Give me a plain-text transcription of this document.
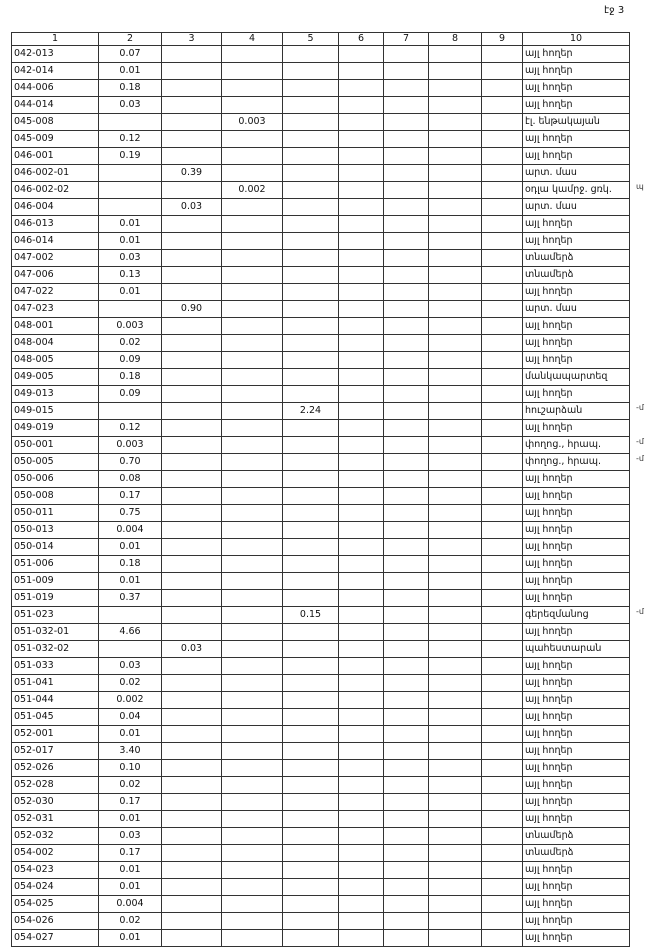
էջ 3
1	2	3	4	5	6	7	8	9	10
042-013	0.07								այլ հողեր
042-014	0.01								այլ հողեր
044-006	0.18								այլ հողեր
044-014	0.03								այլ հողեր
045-008			0.003						էլ. ենթակայան
045-009	0.12								այլ հողեր
046-001	0.19								այլ հողեր
046-002-01		0.39							արտ. մաս
046-002-02			0.002						օդլա կամրջ. ցռկ.
046-004		0.03							արտ. մաս
046-013	0.01								այլ հողեր
046-014	0.01								այլ հողեր
047-002	0.03								տնամերձ
047-006	0.13								տնամերձ
047-022	0.01								այլ հողեր
047-023		0.90							արտ. մաս
048-001	0.003								այլ հողեր
048-004	0.02								այլ հողեր
048-005	0.09								այլ հողեր
049-005	0.18								մանկապարտեզ
049-013	0.09								այլ հողեր
049-015				2.24					հուշարձան
049-019	0.12								այլ հողեր
050-001	0.003								փողոց., հրապ.
050-005	0.70								փողոց., հրապ.
050-006	0.08								այլ հողեր
050-008	0.17								այլ հողեր
050-011	0.75								այլ հողեր
050-013	0.004								այլ հողեր
050-014	0.01								այլ հողեր
051-006	0.18								այլ հողեր
051-009	0.01								այլ հողեր
051-019	0.37								այլ հողեր
051-023				0.15					գերեզմանոց
051-032-01	4.66								այլ հողեր
051-032-02		0.03							պահեստարան
051-033	0.03								այլ հողեր
051-041	0.02								այլ հողեր
051-044	0.002								այլ հողեր
051-045	0.04								այլ հողեր
052-001	0.01								այլ հողեր
052-017	3.40								այլ հողեր
052-026	0.10								այլ հողեր
052-028	0.02								այլ հողեր
052-030	0.17								այլ հողեր
052-031	0.01								այլ հողեր
052-032	0.03								տնամերձ
054-002	0.17								տնամերձ
054-023	0.01								այլ հողեր
054-024	0.01								այլ հողեր
054-025	0.004								այլ հողեր
054-026	0.02								այլ հողեր
054-027	0.01								այլ հողեր
պ
-մ
-մ
-մ
-մ
